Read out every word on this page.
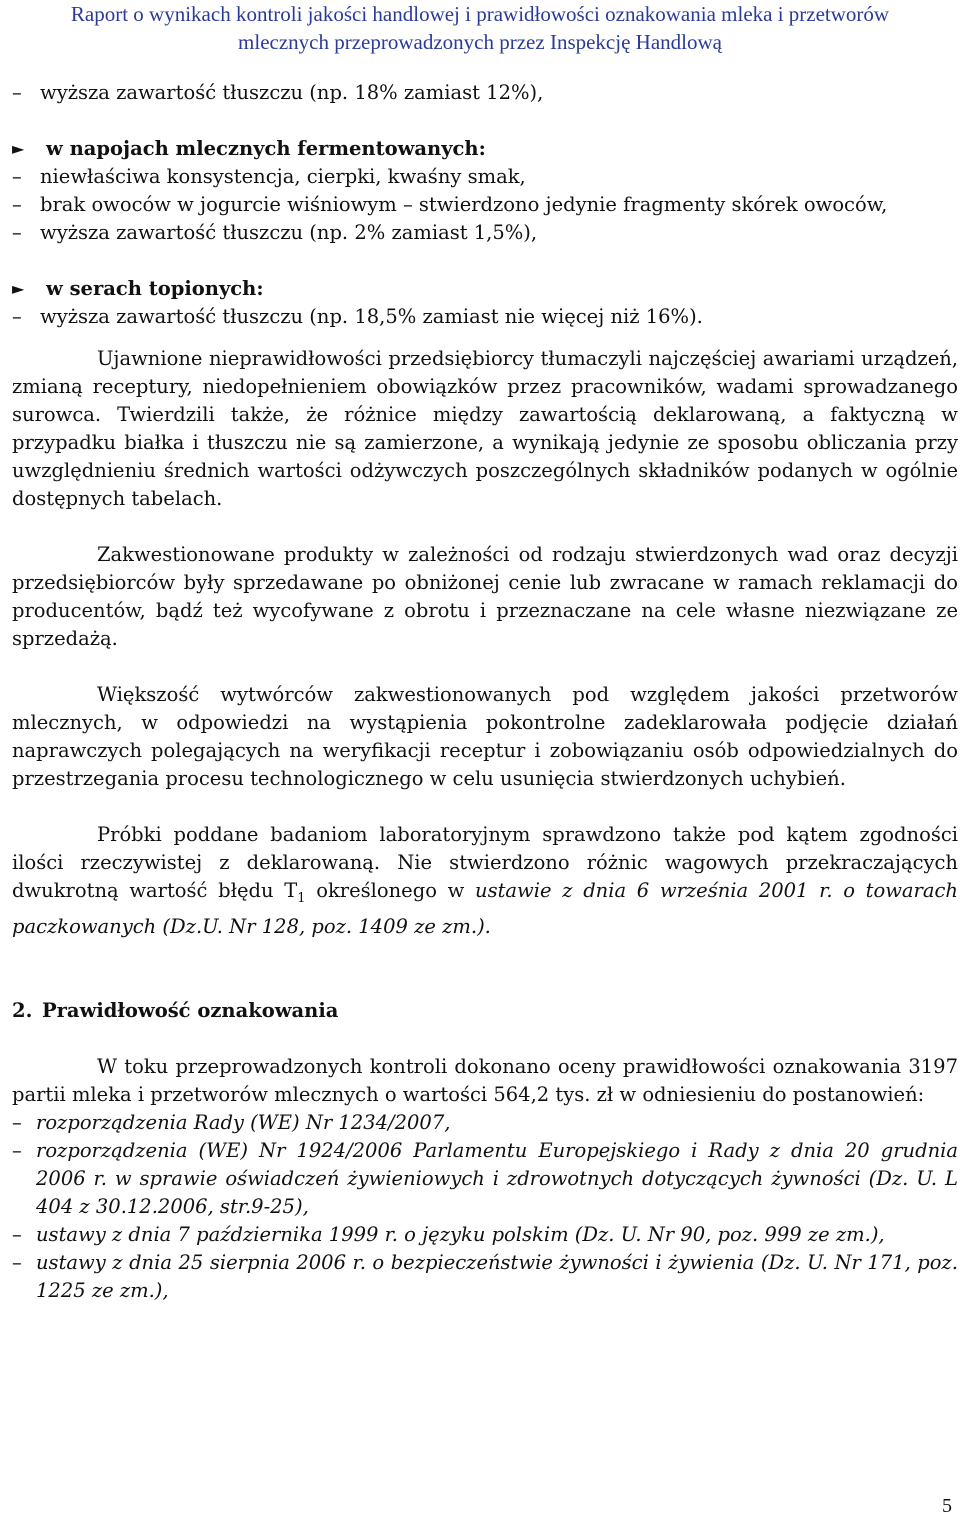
Raport o wynikach kontroli jakości handlowej i prawidłowości oznakowania mleka i przetworów
mlecznych przeprowadzonych przez Inspekcję Handlową
– wyższa zawartość tłuszczu (np. 18% zamiast 12%),
►	w napojach mlecznych fermentowanych:
– niewłaściwa konsystencja, cierpki, kwaśny smak,
– brak owoców w jogurcie wiśniowym – stwierdzono jedynie fragmenty skórek owoców,
– wyższa zawartość tłuszczu (np. 2% zamiast 1,5%),
►	w serach topionych:
– wyższa zawartość tłuszczu (np. 18,5% zamiast nie więcej niż 16%).

Ujawnione nieprawidłowości przedsiębiorcy tłumaczyli najczęściej awariami urządzeń, zmianą receptury, niedopełnieniem obowiązków przez pracowników, wadami sprowadzanego surowca. Twierdzili także, że różnice między zawartością deklarowaną, a faktyczną w przypadku białka i tłuszczu nie są zamierzone, a wynikają jedynie ze sposobu obliczania przy uwzględnieniu średnich wartości odżywczych poszczególnych składników podanych w ogólnie dostępnych tabelach.

Zakwestionowane produkty w zależności od rodzaju stwierdzonych wad oraz decyzji przedsiębiorców były sprzedawane po obniżonej cenie lub zwracane w ramach reklamacji do producentów, bądź też wycofywane z obrotu i przeznaczane na cele własne niezwiązane ze sprzedażą.

Większość wytwórców zakwestionowanych pod względem jakości przetworów mlecznych, w odpowiedzi na wystąpienia pokontrolne zadeklarowała podjęcie działań naprawczych polegających na weryfikacji receptur i zobowiązaniu osób odpowiedzialnych do przestrzegania procesu technologicznego w celu usunięcia stwierdzonych uchybień.

Próbki poddane badaniom laboratoryjnym sprawdzono także pod kątem zgodności ilości rzeczywistej z deklarowaną. Nie stwierdzono różnic wagowych przekraczających dwukrotną wartość błędu $T_1$ określonego w ustawie z dnia 6 września 2001 r. o towarach paczkowanych (Dz.U. Nr 128, poz. 1409 ze zm.).

2. Prawidłowość oznakowania

W toku przeprowadzonych kontroli dokonano oceny prawidłowości oznakowania 3197 partii mleka i przetworów mlecznych o wartości 564,2 tys. zł w odniesieniu do postanowień:

– rozporządzenia Rady (WE) Nr 1234/2007,
– rozporządzenia (WE) Nr 1924/2006 Parlamentu Europejskiego i Rady z dnia 20 grudnia 2006 r. w sprawie oświadczeń żywieniowych i zdrowotnych dotyczących żywności (Dz. U. L 404 z 30.12.2006, str.9-25),
– ustawy z dnia 7 października 1999 r. o języku polskim (Dz. U. Nr 90, poz. 999 ze zm.),
– ustawy z dnia 25 sierpnia 2006 r. o bezpieczeństwie żywności i żywienia (Dz. U. Nr 171, poz. 1225 ze zm.),
5
